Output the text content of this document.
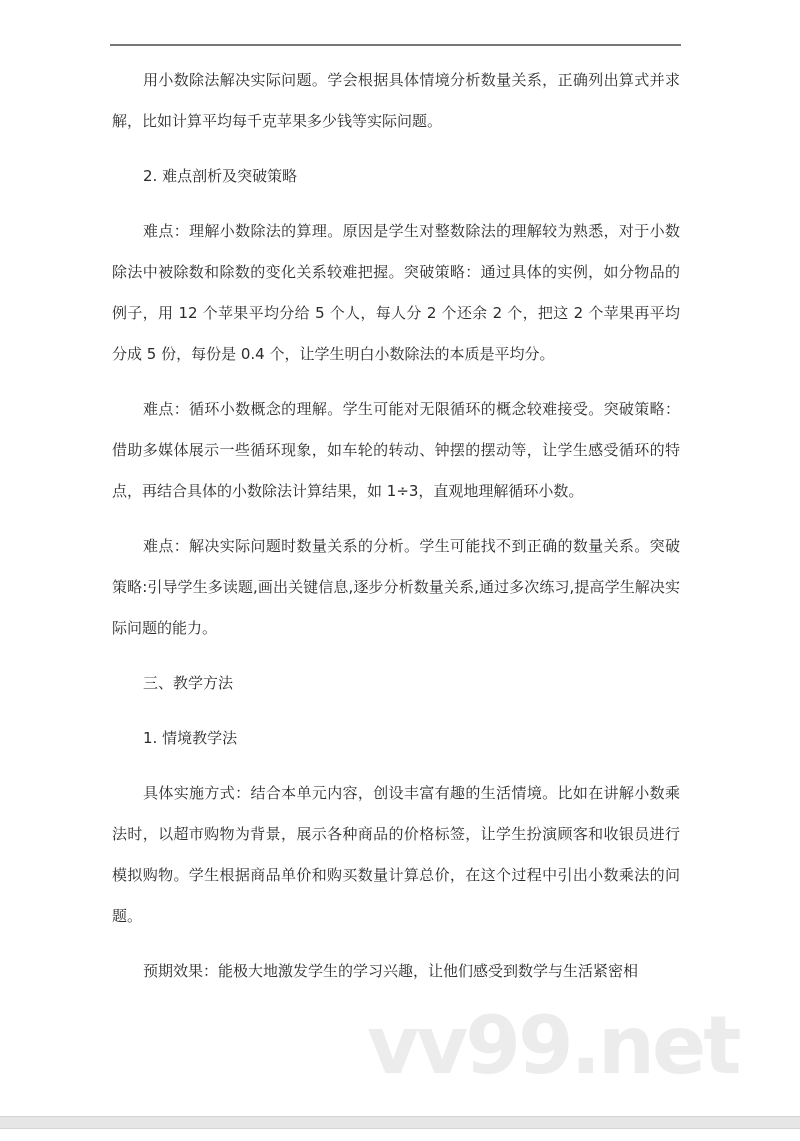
用小数除法解决实际问题。学会根据具体情境分析数量关系，正确列出算式并求解，比如计算平均每千克苹果多少钱等实际问题。

2. 难点剖析及突破策略

难点：理解小数除法的算理。原因是学生对整数除法的理解较为熟悉，对于小数除法中被除数和除数的变化关系较难把握。突破策略：通过具体的实例，如分物品的例子，用 12 个苹果平均分给 5 个人，每人分 2 个还余 2 个，把这 2 个苹果再平均分成 5 份，每份是 0.4 个，让学生明白小数除法的本质是平均分。

难点：循环小数概念的理解。学生可能对无限循环的概念较难接受。突破策略：借助多媒体展示一些循环现象，如车轮的转动、钟摆的摆动等，让学生感受循环的特点，再结合具体的小数除法计算结果，如 1÷3，直观地理解循环小数。

难点：解决实际问题时数量关系的分析。学生可能找不到正确的数量关系。突破策略:引导学生多读题,画出关键信息,逐步分析数量关系,通过多次练习,提高学生解决实际问题的能力。

三、教学方法

1. 情境教学法

具体实施方式：结合本单元内容，创设丰富有趣的生活情境。比如在讲解小数乘法时，以超市购物为背景，展示各种商品的价格标签，让学生扮演顾客和收银员进行模拟购物。学生根据商品单价和购买数量计算总价，在这个过程中引出小数乘法的问题。

预期效果：能极大地激发学生的学习兴趣，让他们感受到数学与生活紧密相

vv99.net
